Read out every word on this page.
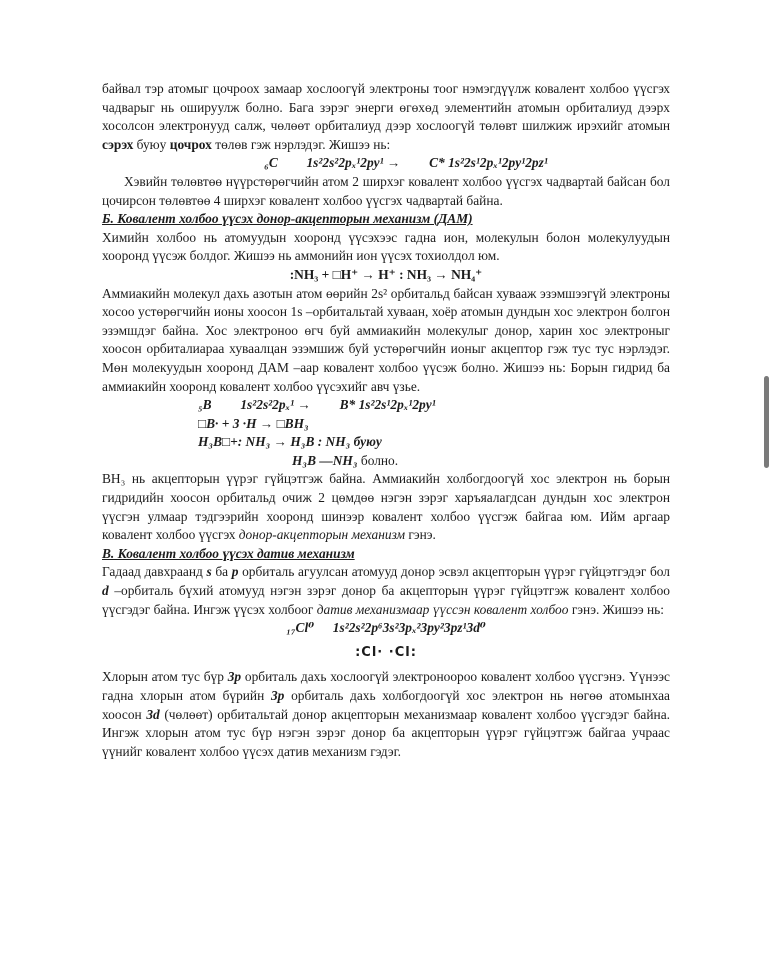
байвал тэр атомыг цочроох замаар хослоогүй электроны тоог нэмэгдүүлж ковалент холбоо үүсгэх чадварыг нь ошируулж болно. Бага зэрэг энерги өгөхөд элементийн атомын орбиталиуд дээрх хосолсон электронууд салж, чөлөөт орбиталиуд дээр хослоогүй төлөвт шилжиж ирэхийг атомын сэрэх буюу цочрох төлөв гэж нэрлэдэг. Жишээ нь:

₆C 1s²2s²2pₓ¹2py¹ → C* 1s²2s¹2pₓ¹2py¹2pz¹

Хэвийн төлөвтөө нүүрстөрөгчийн атом 2 ширхэг ковалент холбоо үүсгэх чадвартай байсан бол цочирсон төлөвтөө 4 ширхэг ковалент холбоо үүсгэх чадвартай байна.

Б. Ковалент холбоо үүсэх донор-акцепторын механизм (ДАМ)

Химийн холбоо нь атомуудын хооронд үүсэхээс гадна ион, молекулын болон молекулуудын хооронд үүсэж болдог. Жишээ нь аммонийн ион үүсэх тохиолдол юм.

:NH₃ + □H⁺ → H⁺ : NH₃ → NH₄⁺

Аммиакийн молекул дахь азотын атом өөрийн 2s² орбитальд байсан хувааж эзэмшээгүй электроны хосоо устөрөгчийн ионы хоосон 1s –орбитальтай хуваан, хоёр атомын дундын хос электрон болгон эзэмшдэг байна. Хос электроноо өгч буй аммиакийн молекулыг донор, харин хос электроныг хоосон орбиталиараа хуваалцан эзэмшиж буй устөрөгчийн ионыг акцептор гэж тус тус нэрлэдэг. Мөн молекуудын хооронд ДАМ –аар ковалент холбоо үүсэж болно. Жишээ нь: Борын гидрид ба аммиакийн хооронд ковалент холбоо үүсэхийг авч үзье.

₅B 1s²2s²2pₓ¹ → B* 1s²2s¹2pₓ¹2py¹
□B· + 3 ·H → □BH₃
H₃B□+: NH₃ → H₃B : NH₃ буюу
H₃B —NH₃ болно.

BH₃ нь акцепторын үүрэг гүйцэтгэж байна. Аммиакийн холбогдоогүй хос электрон нь борын гидридийн хоосон орбитальд очиж 2 цөмдөө нэгэн зэрэг харъяалагдсан дундын хос электрон үүсгэн улмаар тэдгээрийн хооронд шинээр ковалент холбоо үүсгэж байгаа юм. Ийм аргаар ковалент холбоо үүсгэх донор-акцепторын механизм гэнэ.

В. Ковалент холбоо үүсэх датив механизм

Гадаад давхраанд s ба p орбиталь агуулсан атомууд донор эсвэл акцепторын үүрэг гүйцэтгэдэг бол d –орбиталь бүхий атомууд нэгэн зэрэг донор ба акцепторын үүрэг гүйцэтгэж ковалент холбоо үүсгэдэг байна. Ингэж үүсэх холбоог датив механизмаар үүссэн ковалент холбоо гэнэ. Жишээ нь:

₁₇Cl⁰ 1s²2s²2p⁶3s²3pₓ²3py²3pz¹3d⁰

:Cl· ·Cl:

Хлорын атом тус бүр 3p орбиталь дахь хослоогүй электроноороо ковалент холбоо үүсгэнэ. Үүнээс гадна хлорын атом бүрийн 3p орбиталь дахь холбогдоогүй хос электрон нь нөгөө атомынхаа хоосон 3d (чөлөөт) орбитальтай донор акцепторын механизмаар ковалент холбоо үүсгэдэг байна. Ингэж хлорын атом тус бүр нэгэн зэрэг донор ба акцепторын үүрэг гүйцэтгэж байгаа учраас үүнийг ковалент холбоо үүсэх датив механизм гэдэг.
